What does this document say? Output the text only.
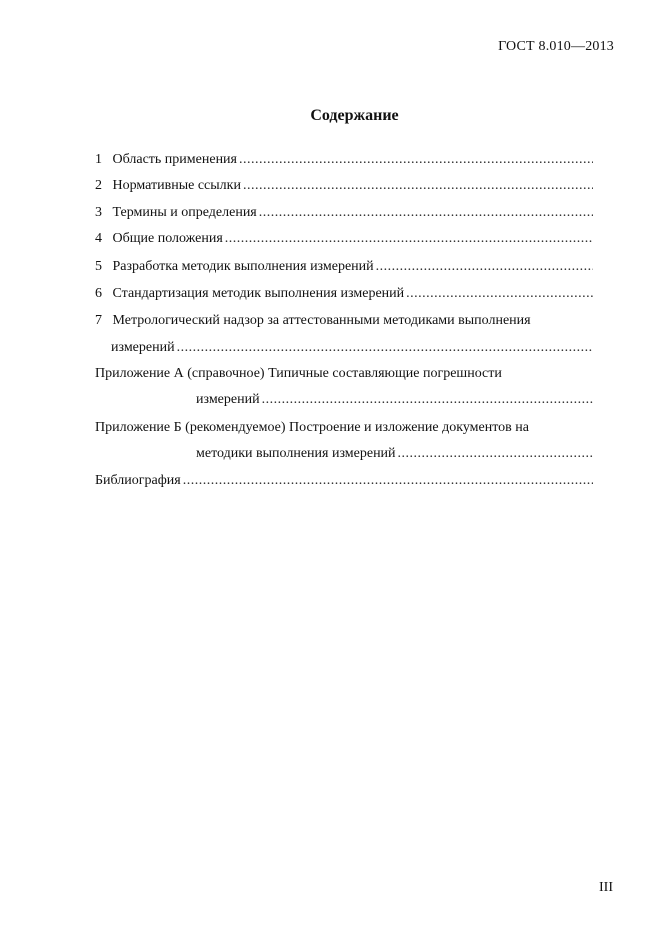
ГОСТ 8.010—2013
Содержание
1 Область применения
.....
2 Нормативные ссылки
.....
3 Термины и определения
.....
4 Общие положения
.....
5 Разработка методик выполнения измерений
.....
6 Стандартизация методик выполнения измерений
.....
7 Метрологический надзор за аттестованными методиками выполнения
измерений
.....
Приложение А (справочное) Типичные составляющие погрешности
измерений
.....
Приложение Б (рекомендуемое) Построение и изложение документов на
методики выполнения измерений
.....
Библиография
.....
III
